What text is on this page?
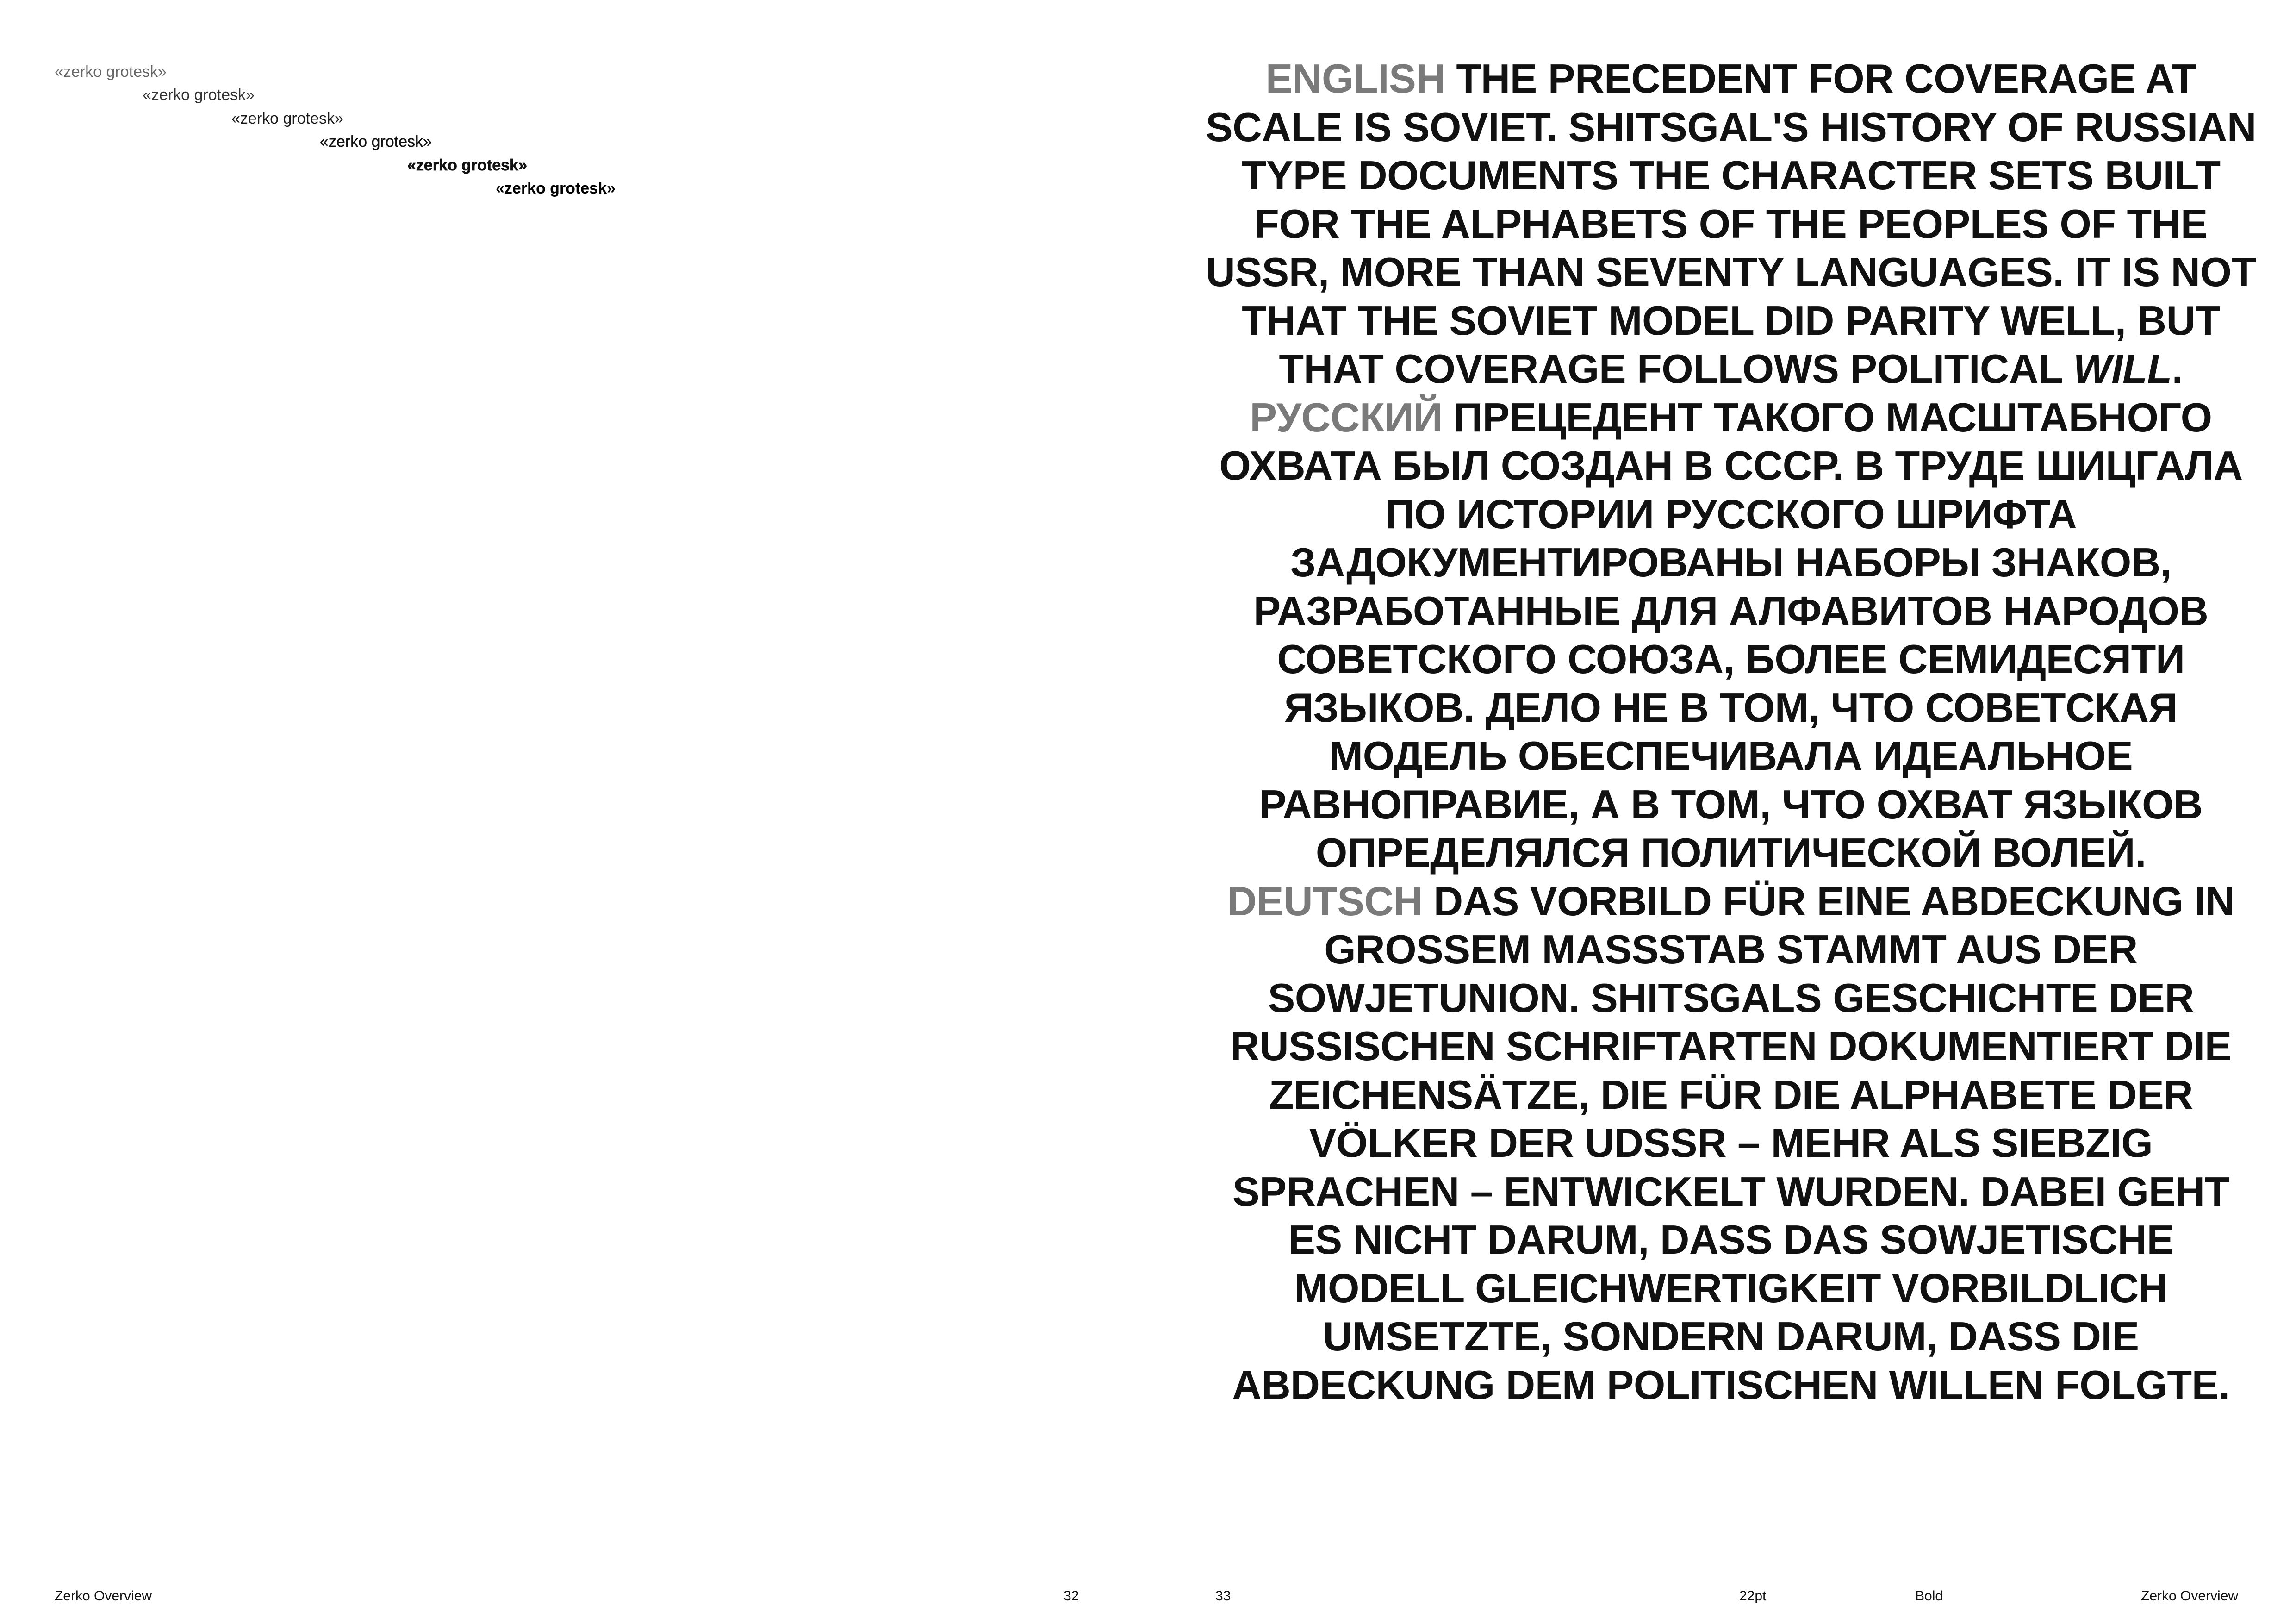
«zerko grotesk»
«zerko grotesk»
«zerko grotesk»
«zerko grotesk»
«zerko grotesk»
«zerko grotesk»
Zerko Overview	32

ENGLISH THE PRECEDENT FOR COVERAGE AT SCALE IS SOVIET. SHITSGAL'S HISTORY OF RUSSIAN TYPE DOCUMENTS THE CHARACTER SETS BUILT FOR THE ALPHABETS OF THE PEOPLES OF THE USSR, MORE THAN SEVENTY LANGUAGES. IT IS NOT THAT THE SOVIET MODEL DID PARITY WELL, BUT THAT COVERAGE FOLLOWS POLITICAL WILL.

РУССКИЙ ПРЕЦЕДЕНТ ТАКОГО МАСШТАБНОГО ОХВАТА БЫЛ СОЗДАН В СССР. В ТРУДЕ ШИЦГАЛА ПО ИСТОРИИ РУССКОГО ШРИФТА ЗАДОКУМЕНТИРОВАНЫ НАБОРЫ ЗНАКОВ, РАЗРАБОТАННЫЕ ДЛЯ АЛФАВИТОВ НАРОДОВ СОВЕТСКОГО СОЮЗА, БОЛЕЕ СЕМИДЕСЯТИ ЯЗЫКОВ. ДЕЛО НЕ В ТОМ, ЧТО СОВЕТСКАЯ МОДЕЛЬ ОБЕСПЕЧИВАЛА ИДЕАЛЬНОЕ РАВНОПРАВИЕ, А В ТОМ, ЧТО ОХВАТ ЯЗЫКОВ ОПРЕДЕЛЯЛСЯ ПОЛИТИЧЕСКОЙ ВОЛЕЙ.

DEUTSCH DAS VORBILD FÜR EINE ABDECKUNG IN GROSSEM MASSSTAB STAMMT AUS DER SOWJETUNION. SHITSGALS GESCHICHTE DER RUSSISCHEN SCHRIFTARTEN DOKUMENTIERT DIE ZEICHENSÄTZE, DIE FÜR DIE ALPHABETE DER VÖLKER DER UDSSR – MEHR ALS SIEBZIG SPRACHEN – ENTWICKELT WURDEN. DABEI GEHT ES NICHT DARUM, DASS DAS SOWJETISCHE MODELL GLEICHWERTIGKEIT VORBILDLICH UMSETZTE, SONDERN DARUM, DASS DIE ABDECKUNG DEM POLITISCHEN WILLEN FOLGTE.

33	22pt	Bold	Zerko Overview
